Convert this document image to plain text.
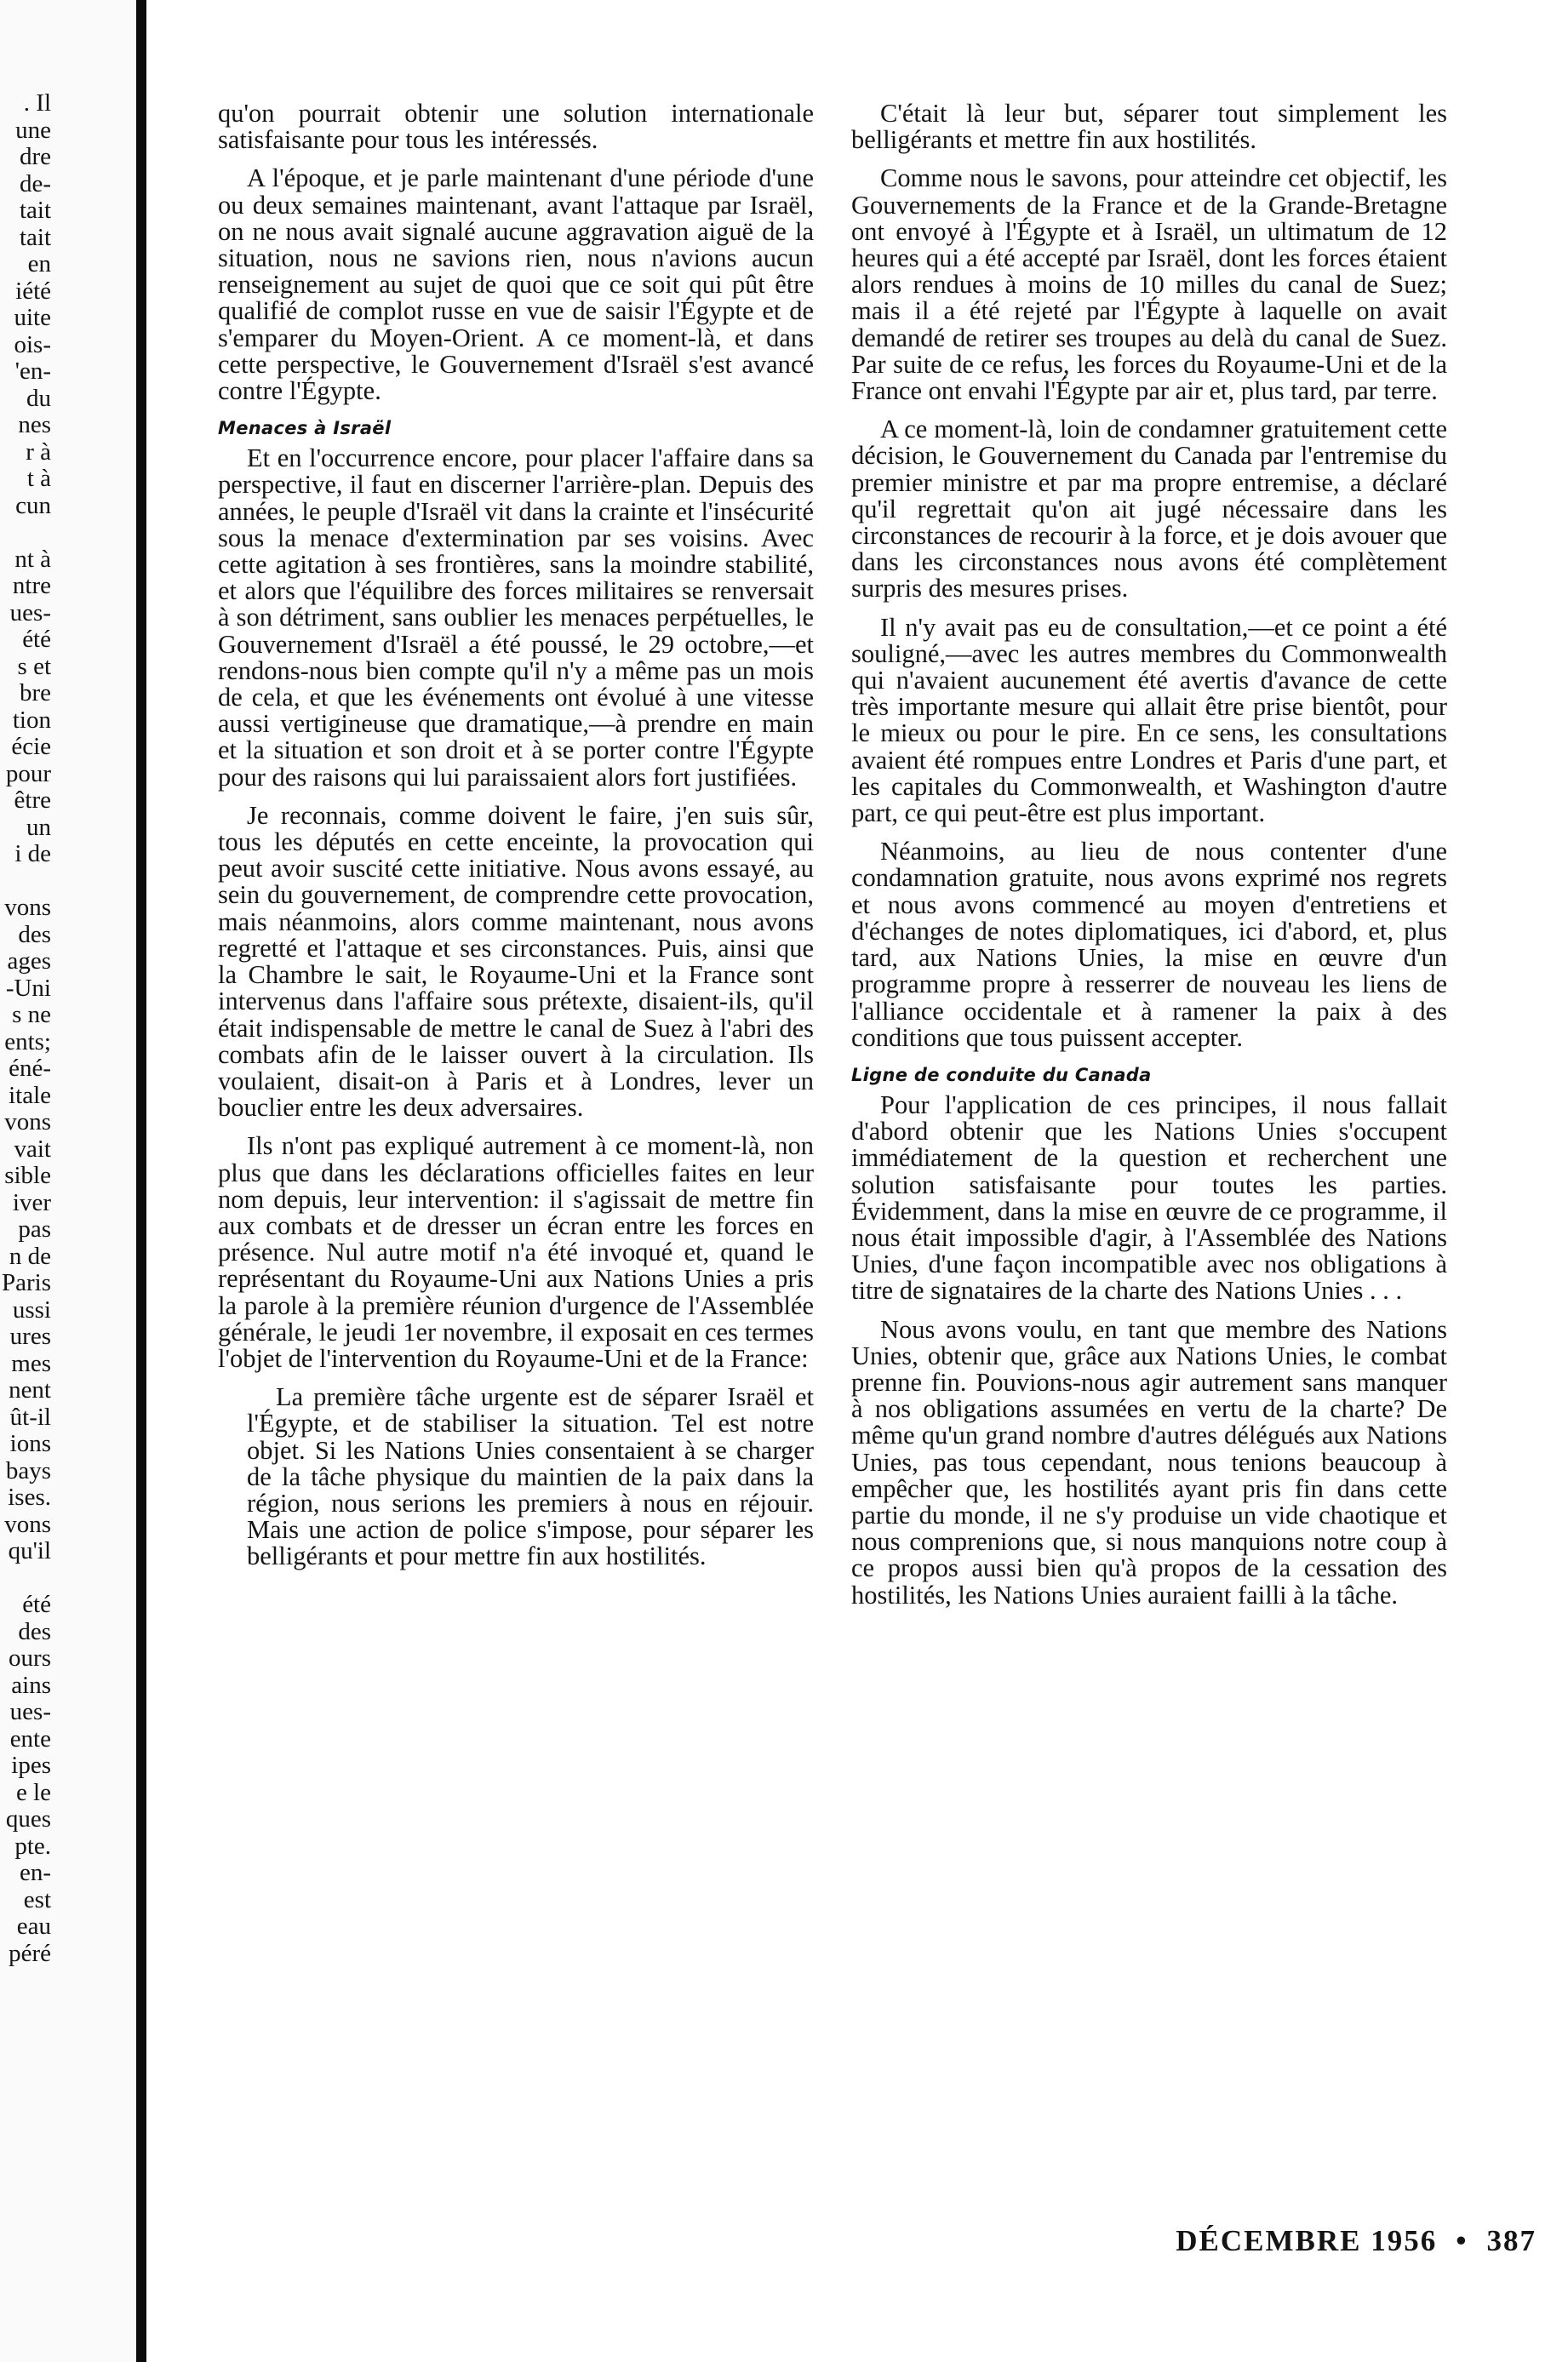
. Il
une
dre
de-
tait
tait
en
iété
uite
ois-
'en-
du
nes
r à
t à
cun
nt à
ntre
ues-
été
s et
bre
tion
écie
pour
être
un
i de
vons
des
ages
-Uni
s ne
ents;
éné-
itale
vons
vait
sible
iver
pas
n de
Paris
ussi
ures
mes
nent
ût-il
ions
bays
ises.
vons
qu'il
été
des
ours
ains
ues-
ente
ipes
e le
ques
pte.
en-
est
eau
péré

qu'on pourrait obtenir une solution internationale satisfaisante pour tous les intéressés.

A l'époque, et je parle maintenant d'une période d'une ou deux semaines maintenant, avant l'attaque par Israël, on ne nous avait signalé aucune aggravation aiguë de la situation, nous ne savions rien, nous n'avions aucun renseignement au sujet de quoi que ce soit qui pût être qualifié de complot russe en vue de saisir l'Égypte et de s'emparer du Moyen-Orient. A ce moment-là, et dans cette perspective, le Gouvernement d'Israël s'est avancé contre l'Égypte.

Menaces à Israël

Et en l'occurrence encore, pour placer l'affaire dans sa perspective, il faut en discerner l'arrière-plan. Depuis des années, le peuple d'Israël vit dans la crainte et l'insécurité sous la menace d'extermination par ses voisins. Avec cette agitation à ses frontières, sans la moindre stabilité, et alors que l'équilibre des forces militaires se renversait à son détriment, sans oublier les menaces perpétuelles, le Gouvernement d'Israël a été poussé, le 29 octobre,—et rendons-nous bien compte qu'il n'y a même pas un mois de cela, et que les événements ont évolué à une vitesse aussi vertigineuse que dramatique,—à prendre en main et la situation et son droit et à se porter contre l'Égypte pour des raisons qui lui paraissaient alors fort justifiées.

Je reconnais, comme doivent le faire, j'en suis sûr, tous les députés en cette enceinte, la provocation qui peut avoir suscité cette initiative. Nous avons essayé, au sein du gouvernement, de comprendre cette provocation, mais néanmoins, alors comme maintenant, nous avons regretté et l'attaque et ses circonstances. Puis, ainsi que la Chambre le sait, le Royaume-Uni et la France sont intervenus dans l'affaire sous prétexte, disaient-ils, qu'il était indispensable de mettre le canal de Suez à l'abri des combats afin de le laisser ouvert à la circulation. Ils voulaient, disait-on à Paris et à Londres, lever un bouclier entre les deux adversaires.

Ils n'ont pas expliqué autrement à ce moment-là, non plus que dans les déclarations officielles faites en leur nom depuis, leur intervention: il s'agissait de mettre fin aux combats et de dresser un écran entre les forces en présence. Nul autre motif n'a été invoqué et, quand le représentant du Royaume-Uni aux Nations Unies a pris la parole à la première réunion d'urgence de l'Assemblée générale, le jeudi 1er novembre, il exposait en ces termes l'objet de l'intervention du Royaume-Uni et de la France:

La première tâche urgente est de séparer Israël et l'Égypte, et de stabiliser la situation. Tel est notre objet. Si les Nations Unies consentaient à se charger de la tâche physique du maintien de la paix dans la région, nous serions les premiers à nous en réjouir. Mais une action de police s'impose, pour séparer les belligérants et pour mettre fin aux hostilités.

C'était là leur but, séparer tout simplement les belligérants et mettre fin aux hostilités.

Comme nous le savons, pour atteindre cet objectif, les Gouvernements de la France et de la Grande-Bretagne ont envoyé à l'Égypte et à Israël, un ultimatum de 12 heures qui a été accepté par Israël, dont les forces étaient alors rendues à moins de 10 milles du canal de Suez; mais il a été rejeté par l'Égypte à laquelle on avait demandé de retirer ses troupes au delà du canal de Suez. Par suite de ce refus, les forces du Royaume-Uni et de la France ont envahi l'Égypte par air et, plus tard, par terre.

A ce moment-là, loin de condamner gratuitement cette décision, le Gouvernement du Canada par l'entremise du premier ministre et par ma propre entremise, a déclaré qu'il regrettait qu'on ait jugé nécessaire dans les circonstances de recourir à la force, et je dois avouer que dans les circonstances nous avons été complètement surpris des mesures prises.

Il n'y avait pas eu de consultation,—et ce point a été souligné,—avec les autres membres du Commonwealth qui n'avaient aucunement été avertis d'avance de cette très importante mesure qui allait être prise bientôt, pour le mieux ou pour le pire. En ce sens, les consultations avaient été rompues entre Londres et Paris d'une part, et les capitales du Commonwealth, et Washington d'autre part, ce qui peut-être est plus important.

Néanmoins, au lieu de nous contenter d'une condamnation gratuite, nous avons exprimé nos regrets et nous avons commencé au moyen d'entretiens et d'échanges de notes diplomatiques, ici d'abord, et, plus tard, aux Nations Unies, la mise en œuvre d'un programme propre à resserrer de nouveau les liens de l'alliance occidentale et à ramener la paix à des conditions que tous puissent accepter.

Ligne de conduite du Canada

Pour l'application de ces principes, il nous fallait d'abord obtenir que les Nations Unies s'occupent immédiatement de la question et recherchent une solution satisfaisante pour toutes les parties. Évidemment, dans la mise en œuvre de ce programme, il nous était impossible d'agir, à l'Assemblée des Nations Unies, d'une façon incompatible avec nos obligations à titre de signataires de la charte des Nations Unies . . .

Nous avons voulu, en tant que membre des Nations Unies, obtenir que, grâce aux Nations Unies, le combat prenne fin. Pouvions-nous agir autrement sans manquer à nos obligations assumées en vertu de la charte? De même qu'un grand nombre d'autres délégués aux Nations Unies, pas tous cependant, nous tenions beaucoup à empêcher que, les hostilités ayant pris fin dans cette partie du monde, il ne s'y produise un vide chaotique et nous comprenions que, si nous manquions notre coup à ce propos aussi bien qu'à propos de la cessation des hostilités, les Nations Unies auraient failli à la tâche.

DÉCEMBRE 1956 • 387
